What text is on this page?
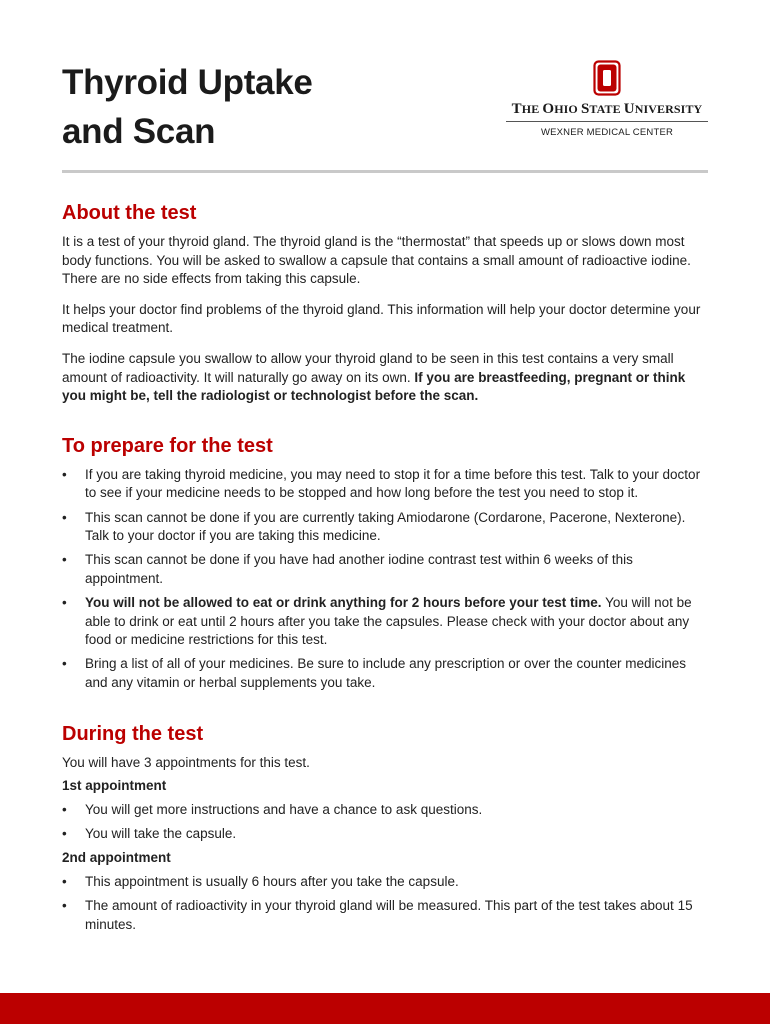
Thyroid Uptake
and Scan
THE OHIO STATE UNIVERSITY
WEXNER MEDICAL CENTER
About the test

It is a test of your thyroid gland. The thyroid gland is the “thermostat” that speeds up or slows down most body functions. You will be asked to swallow a capsule that contains a small amount of radioactive iodine. There are no side effects from taking this capsule.

It helps your doctor find problems of the thyroid gland. This information will help your doctor determine your medical treatment.

The iodine capsule you swallow to allow your thyroid gland to be seen in this test contains a very small amount of radioactivity. It will naturally go away on its own. If you are breastfeeding, pregnant or think you might be, tell the radiologist or technologist before the scan.

To prepare for the test
• If you are taking thyroid medicine, you may need to stop it for a time before this test. Talk to your doctor to see if your medicine needs to be stopped and how long before the test you need to stop it.
• This scan cannot be done if you are currently taking Amiodarone (Cordarone, Pacerone, Nexterone). Talk to your doctor if you are taking this medicine.
• This scan cannot be done if you have had another iodine contrast test within 6 weeks of this appointment.
• You will not be allowed to eat or drink anything for 2 hours before your test time. You will not be able to drink or eat until 2 hours after you take the capsules. Please check with your doctor about any food or medicine restrictions for this test.
• Bring a list of all of your medicines. Be sure to include any prescription or over the counter medicines and any vitamin or herbal supplements you take.
During the test

You will have 3 appointments for this test.

1st appointment
• You will get more instructions and have a chance to ask questions.
• You will take the capsule.
2nd appointment
• This appointment is usually 6 hours after you take the capsule.
• The amount of radioactivity in your thyroid gland will be measured. This part of the test takes about 15 minutes.
